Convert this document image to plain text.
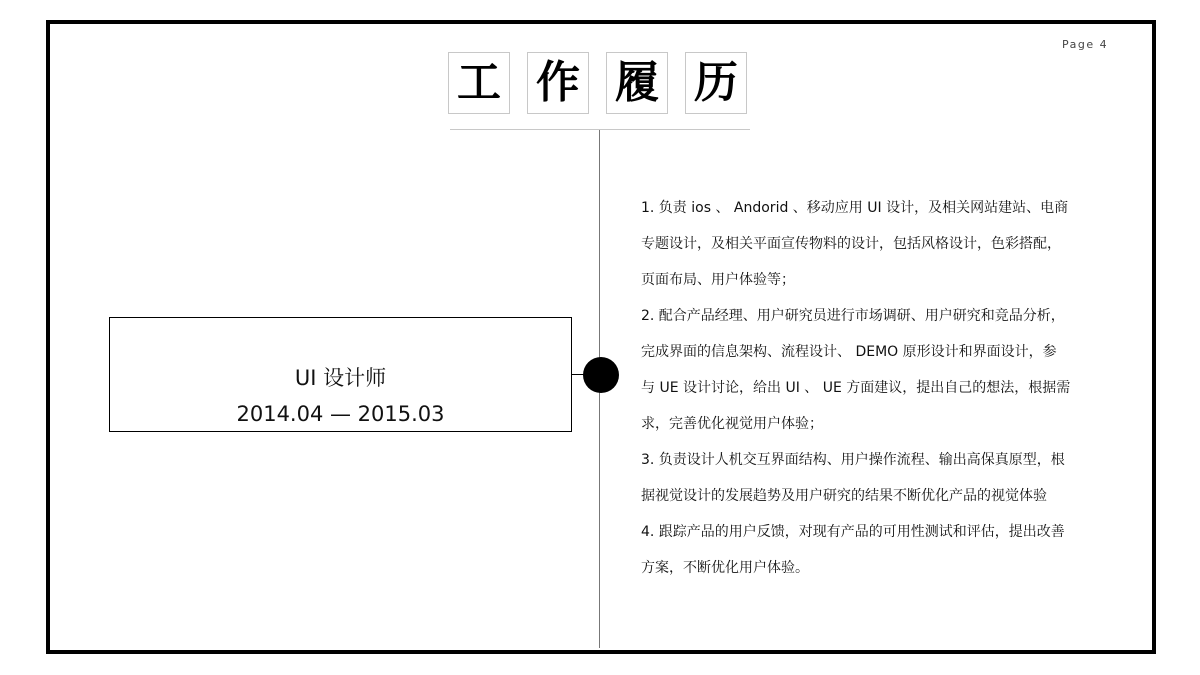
Page 4
工 作 履 历
UI 设计师
2014.04 — 2015.03
1. 负责 ios 、 Andorid 、移动应用 UI 设计，及相关网站建站、电商
专题设计，及相关平面宣传物料的设计，包括风格设计，色彩搭配，
页面布局、用户体验等；
2. 配合产品经理、用户研究员进行市场调研、用户研究和竞品分析，
完成界面的信息架构、流程设计、 DEMO 原形设计和界面设计，参
与 UE 设计讨论，给出 UI 、 UE 方面建议，提出自己的想法，根据需
求，完善优化视觉用户体验；
3. 负责设计人机交互界面结构、用户操作流程、输出高保真原型，根
据视觉设计的发展趋势及用户研究的结果不断优化产品的视觉体验
4. 跟踪产品的用户反馈，对现有产品的可用性测试和评估，提出改善
方案，不断优化用户体验。
